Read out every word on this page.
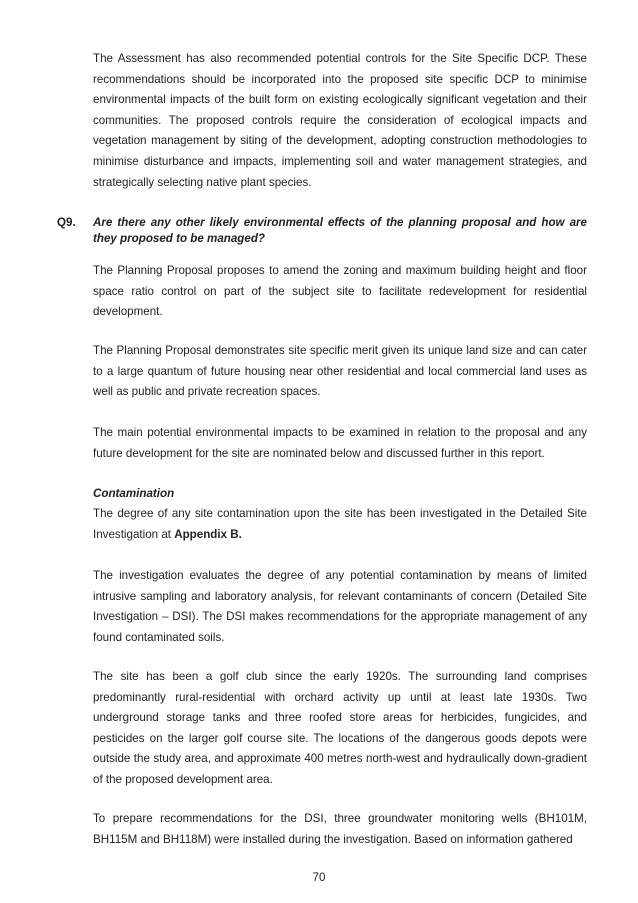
The Assessment has also recommended potential controls for the Site Specific DCP. These recommendations should be incorporated into the proposed site specific DCP to minimise environmental impacts of the built form on existing ecologically significant vegetation and their communities. The proposed controls require the consideration of ecological impacts and vegetation management by siting of the development, adopting construction methodologies to minimise disturbance and impacts, implementing soil and water management strategies, and strategically selecting native plant species.

Q9. Are there any other likely environmental effects of the planning proposal and how are they proposed to be managed?

The Planning Proposal proposes to amend the zoning and maximum building height and floor space ratio control on part of the subject site to facilitate redevelopment for residential development.

The Planning Proposal demonstrates site specific merit given its unique land size and can cater to a large quantum of future housing near other residential and local commercial land uses as well as public and private recreation spaces.

The main potential environmental impacts to be examined in relation to the proposal and any future development for the site are nominated below and discussed further in this report.

Contamination

The degree of any site contamination upon the site has been investigated in the Detailed Site Investigation at Appendix B.

The investigation evaluates the degree of any potential contamination by means of limited intrusive sampling and laboratory analysis, for relevant contaminants of concern (Detailed Site Investigation – DSI). The DSI makes recommendations for the appropriate management of any found contaminated soils.

The site has been a golf club since the early 1920s. The surrounding land comprises predominantly rural-residential with orchard activity up until at least late 1930s. Two underground storage tanks and three roofed store areas for herbicides, fungicides, and pesticides on the larger golf course site. The locations of the dangerous goods depots were outside the study area, and approximate 400 metres north-west and hydraulically down-gradient of the proposed development area.

To prepare recommendations for the DSI, three groundwater monitoring wells (BH101M, BH115M and BH118M) were installed during the investigation. Based on information gathered

70
